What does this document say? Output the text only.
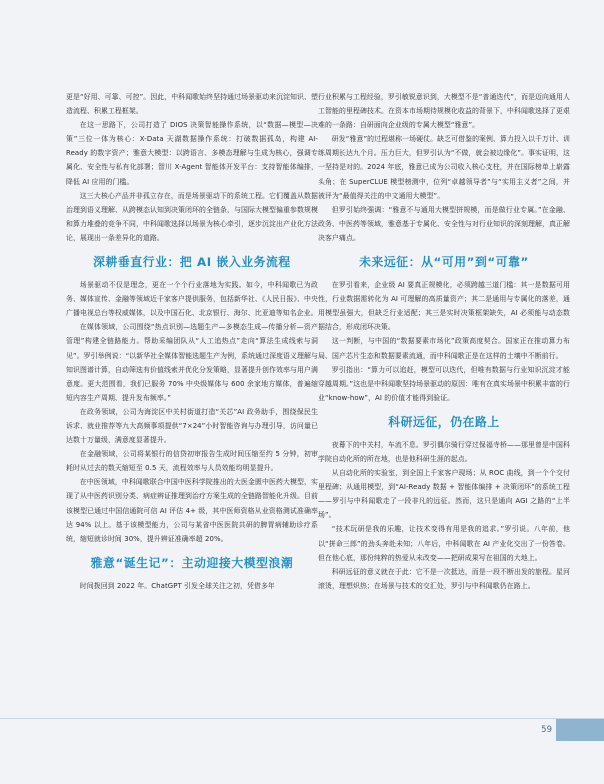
更是“好用、可靠、可控”。因此，中科闻歌始终坚持通过场景驱动来沉淀知识、塑造流程、积累工程框架。

在这一思路下，公司打造了 DIOS 决策智能操作系统，以“数据—模型—决策”三位一体为核心：X-Data 天湖数据操作系统：打破数据孤岛，构建 AI-Ready 的数字资产；雅意大模型：以跨语言、多模态理解与生成为核心，强调专属化、安全性与私有化部署；智川 X-Agent 智能体开发平台：支持智能体编排，降低 AI 应用的门槛。

这三大核心产品并非孤立存在，而是场景驱动下的系统工程。它们覆盖从数据治理到语义理解、从跨模态认知到决策闭环的全链条，与国际大模型偏重参数规模和算力堆叠的竞争不同，中科闻歌选择以场景为核心牵引，逐步沉淀出产业化方法论，展现出一条差异化的道路。

深耕垂直行业：把 AI 嵌入业务流程

场景驱动不仅是理念，更在一个个行业落地为实践。如今，中科闻歌已为政务、媒体宣传、金融等领域近千家客户提供服务，包括新华社、《人民日报》、中央广播电视总台等权威媒体，以及中国石化、北京银行、海尔、比亚迪等知名企业。

在媒体领域，公司围绕“热点识别—选题生产—多模态生成—传播分析—资产管理”构建全链路能力。帮助采编团队从“人工追热点”走向“算法生成线索与洞见”。罗引举例说：“以新华社全媒体智能选题生产为例，系统通过深度语义理解与知识图谱计算，自动筛选有价值线索并优化分发策略，显著提升创作效率与用户满意度。更大范围看，我们已服务 70% 中央级媒体与 600 余家地方媒体，普遍缩短内容生产周期、提升发布频率。”

在政务领域，公司为海淀区中关村街道打造“关芯”AI 政务助手，围绕保民生诉求、就业推荐等九大高频事项提供“7×24”小时智能咨询与办理引导，访问量已达数十万量级，满意度显著提升。

在金融领域，公司将某银行的信贷初审报告生成时间压缩至约 5 分钟，初审耗时从过去的数天缩短至 0.5 天，流程效率与人员效能均明显提升。

在中医领域，中科闻歌联合中国中医科学院推出的大医金匮中医药大模型，实现了从中医药识别分类、病症辨证推理到治疗方案生成的全链路智能化升级。目前该模型已通过中国信通院可信 AI 评估 4+ 级，其中医师资格从业资格测试准确率达 94% 以上。基于该模型能力，公司与某省中医医院共研的脾胃病辅助诊疗系统，缩短就诊时间 30%，提升辨证准确率超 20%。

雅意“诞生记”：主动迎接大模型浪潮

时间拨回到 2022 年。ChatGPT 引发全球关注之初，凭借多年

行业积累与工程经验，罗引敏锐意识到，大模型不是“普通迭代”，而是迈向通用人工智能的里程碑技术。在资本市场期待规模化收益的背景下，中科闻歌选择了更艰难的一条路：自研面向企业级的专属大模型“雅意”。

研发“雅意”的过程堪称一场硬仗。缺乏可借鉴的案例、算力投入以千万计、训练周期长达九个月。压力巨大，但罗引认为“不做，就会被边缘化”。事实证明，这一坚持是对的。2024 年底，雅意已成为公司收入核心支柱，并在国际榜单上崭露头角；在 SuperCLUE 模型榜测中，位列“卓越领导者”与“实用主义者”之间，并被评为“最值得关注的中文通用大模型”。

但罗引始终强调：“雅意不与通用大模型拼规模，而是做行业专属。”在金融、政务、中医药等领域，雅意基于专属化、安全性与对行业知识的深刻理解，真正解决客户痛点。

未来远征：从“可用”到“可靠”

在罗引看来，企业级 AI 要真正规模化，必须跨越三道门槛：其一是数据可用性，行业数据需转化为 AI 可理解的高质量资产；其二是通用与专属化的落差，通用模型虽强大，但缺乏行业适配；其三是实时决策框架缺失，AI 必须能与动态数据结合，形成闭环决策。

这一判断，与中国的“数据要素市场化”政策高度契合。国家正在推动算力布局、国产芯片生态和数据要素流通，而中科闻歌正是在这样的土壤中不断前行。

罗引指出：“算力可以追赶，模型可以迭代，但唯有数据与行业知识沉淀才能穿越周期。”这也是中科闻歌坚持场景驱动的原因：唯有在真实场景中积累丰富的行业“know-how”，AI 的价值才能得到验证。

科研远征，仍在路上

夜幕下的中关村，车流不息。罗引偶尔骑行穿过保福寺桥——那里曾是中国科学院自动化所的所在地，也是他科研生涯的起点。

从自动化所的实验室，到全国上千家客户现场；从 ROC 曲线，到一个个交付里程碑；从通用模型，到“AI-Ready 数据 + 智能体编排 + 决策闭环”的系统工程——罗引与中科闻歌走了一段非凡的远征。然而，这只是通向 AGI 之路的“上半场”。

“技术玩研是我的乐趣，让技术变得有用是我的追求。”罗引说。八年前，他以“拼命三郎”的劲头奔赴未知；八年后，中科闻歌在 AI 产业化交出了一份答卷。但在他心底，那份纯粹的热爱从未改变——把研成果写在祖国的大地上。

科研远征的意义就在于此：它不是一次抵达，而是一段不断出发的旅程。星河滚烫，理想炽热；在场景与技术的交汇处，罗引与中科闻歌仍在路上。

59
